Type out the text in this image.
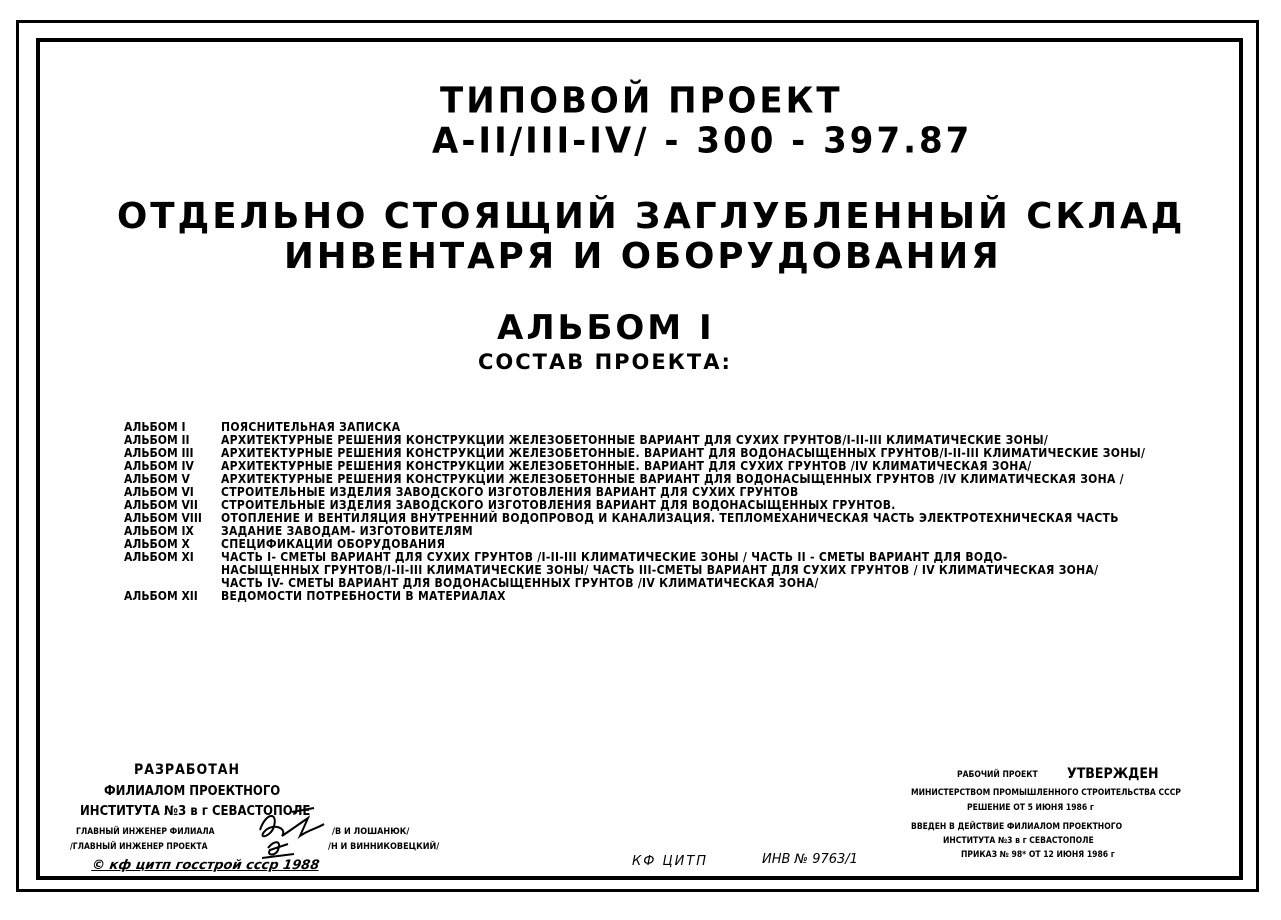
ТИПОВОЙ ПРОЕКТ
А-II/III-IV/ - 300 - 397.87
ОТДЕЛЬНО СТОЯЩИЙ ЗАГЛУБЛЕННЫЙ СКЛАД
ИНВЕНТАРЯ И ОБОРУДОВАНИЯ
АЛЬБОМ I
СОСТАВ ПРОЕКТА:
АЛЬБОМ I	ПОЯСНИТЕЛЬНАЯ ЗАПИСКА
АЛЬБОМ II	АРХИТЕКТУРНЫЕ РЕШЕНИЯ КОНСТРУКЦИИ ЖЕЛЕЗОБЕТОННЫЕ ВАРИАНТ ДЛЯ СУХИХ ГРУНТОВ/I-II-III КЛИМАТИЧЕСКИЕ ЗОНЫ/
АЛЬБОМ III АРХИТЕКТУРНЫЕ РЕШЕНИЯ КОНСТРУКЦИИ ЖЕЛЕЗОБЕТОННЫЕ. ВАРИАНТ ДЛЯ ВОДОНАСЫЩЕННЫХ ГРУНТОВ/I-II-III КЛИМАТИЧЕСКИЕ ЗОНЫ/
АЛЬБОМ IV АРХИТЕКТУРНЫЕ РЕШЕНИЯ КОНСТРУКЦИИ ЖЕЛЕЗОБЕТОННЫЕ. ВАРИАНТ ДЛЯ СУХИХ ГРУНТОВ /IV КЛИМАТИЧЕСКАЯ ЗОНА/
АЛЬБОМ V	АРХИТЕКТУРНЫЕ РЕШЕНИЯ КОНСТРУКЦИИ ЖЕЛЕЗОБЕТОННЫЕ ВАРИАНТ ДЛЯ ВОДОНАСЫЩЕННЫХ ГРУНТОВ /IV КЛИМАТИЧЕСКАЯ ЗОНА /
АЛЬБОМ VI СТРОИТЕЛЬНЫЕ ИЗДЕЛИЯ ЗАВОДСКОГО ИЗГОТОВЛЕНИЯ ВАРИАНТ ДЛЯ СУХИХ ГРУНТОВ
АЛЬБОМ VII СТРОИТЕЛЬНЫЕ ИЗДЕЛИЯ ЗАВОДСКОГО ИЗГОТОВЛЕНИЯ ВАРИАНТ ДЛЯ ВОДОНАСЫЩЕННЫХ ГРУНТОВ.
АЛЬБОМ VIII ОТОПЛЕНИЕ И ВЕНТИЛЯЦИЯ ВНУТРЕННИЙ ВОДОПРОВОД И КАНАЛИЗАЦИЯ. ТЕПЛОМЕХАНИЧЕСКАЯ ЧАСТЬ ЭЛЕКТРОТЕХНИЧЕСКАЯ ЧАСТЬ
АЛЬБОМ IX ЗАДАНИЕ ЗАВОДАМ- ИЗГОТОВИТЕЛЯМ
АЛЬБОМ X	СПЕЦИФИКАЦИИ ОБОРУДОВАНИЯ
АЛЬБОМ XI ЧАСТЬ I- СМЕТЫ ВАРИАНТ ДЛЯ СУХИХ ГРУНТОВ /I-II-III КЛИМАТИЧЕСКИЕ ЗОНЫ / ЧАСТЬ II - СМЕТЫ ВАРИАНТ ДЛЯ ВОДО-
НАСЫЩЕННЫХ ГРУНТОВ/I-II-III КЛИМАТИЧЕСКИЕ ЗОНЫ/ ЧАСТЬ III-СМЕТЫ ВАРИАНТ ДЛЯ СУХИХ ГРУНТОВ / IV КЛИМАТИЧЕСКАЯ ЗОНА/
ЧАСТЬ IV- СМЕТЫ ВАРИАНТ ДЛЯ ВОДОНАСЫЩЕННЫХ ГРУНТОВ /IV КЛИМАТИЧЕСКАЯ ЗОНА/
АЛЬБОМ XII ВЕДОМОСТИ ПОТРЕБНОСТИ В МАТЕРИАЛАХ
РАЗРАБОТАН
ФИЛИАЛОМ ПРОЕКТНОГО
ИНСТИТУТА №3 в г СЕВАСТОПОЛЕ
ГЛАВНЫЙ ИНЖЕНЕР ФИЛИАЛА	/В И ЛОШАНЮК/
/ГЛАВНЫЙ ИНЖЕНЕР ПРОЕКТА	/Н И ВИННИКОВЕЦКИЙ/
© кф цитп госстрой ссср 1988	КФ ЦИТП	ИНВ № 9763/1
РАБОЧИЙ ПРОЕКТ УТВЕРЖДЕН
МИНИСТЕРСТВОМ ПРОМЫШЛЕННОГО СТРОИТЕЛЬСТВА СССР
РЕШЕНИЕ ОТ 5 ИЮНЯ 1986 г
ВВЕДЕН В ДЕЙСТВИЕ ФИЛИАЛОМ ПРОЕКТНОГО
ИНСТИТУТА №3 в г СЕВАСТОПОЛЕ
ПРИКАЗ № 98* ОТ 12 ИЮНЯ 1986 г
